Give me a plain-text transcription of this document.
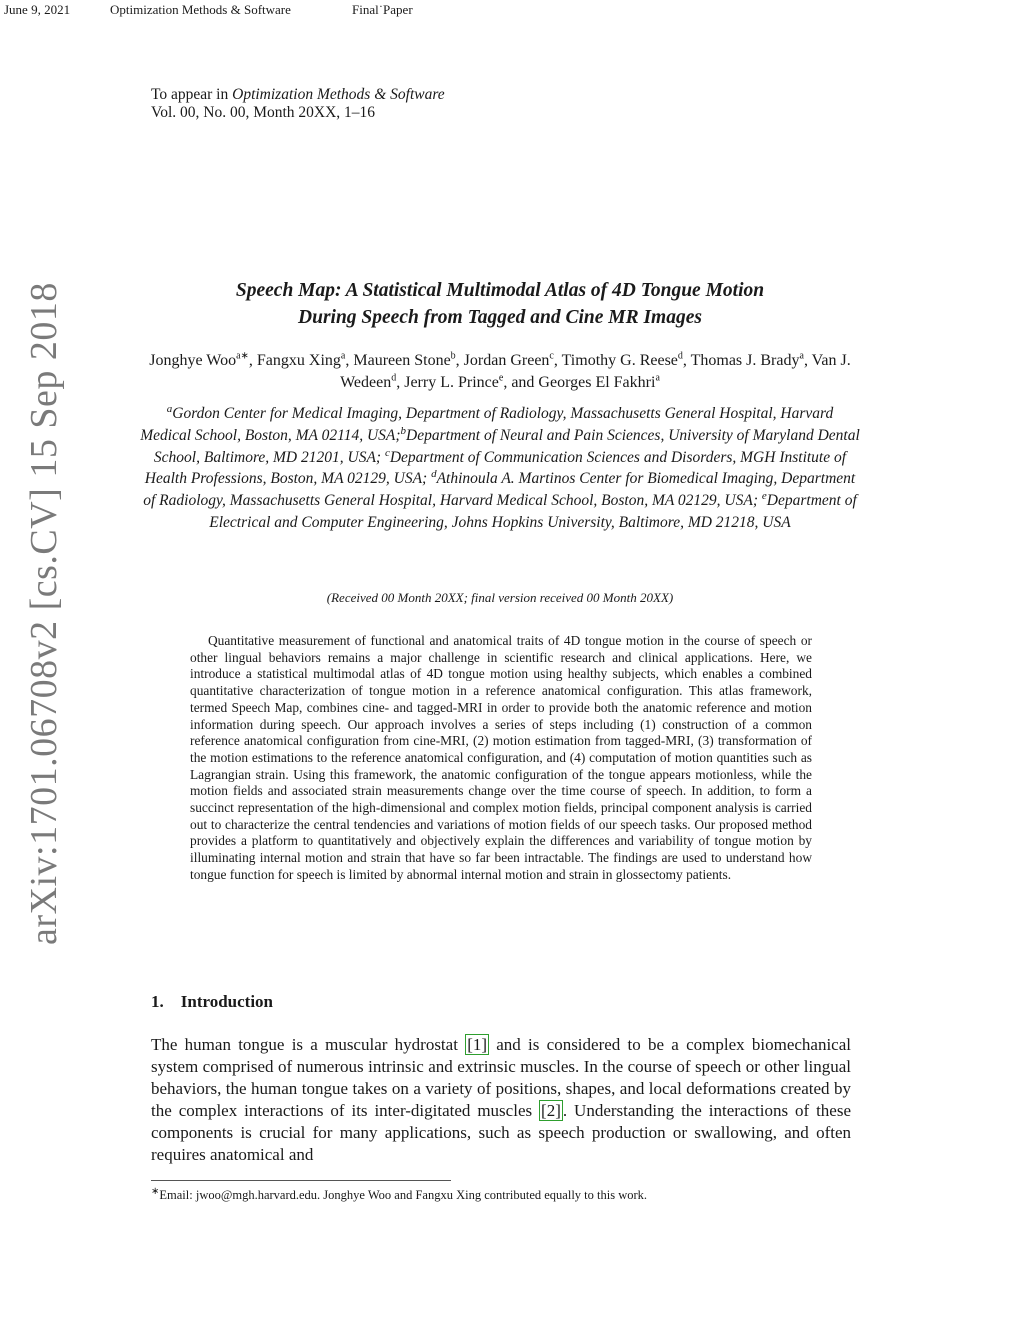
June 9, 2021	Optimization Methods & Software	Final˙Paper
To appear in Optimization Methods & Software
Vol. 00, No. 00, Month 20XX, 1–16
arXiv:1701.06708v2 [cs.CV] 15 Sep 2018	Speech Map: A Statistical Multimodal Atlas of 4D Tongue Motion
During Speech from Tagged and Cine MR Images
Jonghye Woo$^{a∗}$, Fangxu Xing$^a$, Maureen Stone$^b$, Jordan Green$^c$, Timothy G. Reese$^d$, Thomas J. Brady$^a$, Van J. Wedeen$^d$, Jerry L. Prince$^e$, and Georges El Fakhri$^a$
$^a$Gordon Center for Medical Imaging, Department of Radiology, Massachusetts General Hospital, Harvard Medical School, Boston, MA 02114, USA;$^b$Department of Neural and Pain Sciences, University of Maryland Dental School, Baltimore, MD 21201, USA; $^c$Department of Communication Sciences and Disorders, MGH Institute of Health Professions, Boston, MA 02129, USA; $^d$Athinoula A. Martinos Center for Biomedical Imaging, Department of Radiology, Massachusetts General Hospital, Harvard Medical School, Boston, MA 02129, USA; $^e$Department of Electrical and Computer Engineering, Johns Hopkins University, Baltimore, MD 21218, USA
(Received 00 Month 20XX; final version received 00 Month 20XX)

Quantitative measurement of functional and anatomical traits of 4D tongue motion in the course of speech or other lingual behaviors remains a major challenge in scientific research and clinical applications. Here, we introduce a statistical multimodal atlas of 4D tongue motion using healthy subjects, which enables a combined quantitative characterization of tongue motion in a reference anatomical configuration. This atlas framework, termed Speech Map, combines cine- and tagged-MRI in order to provide both the anatomic reference and motion information during speech. Our approach involves a series of steps including (1) construction of a common reference anatomical configuration from cine-MRI, (2) motion estimation from tagged-MRI, (3) transformation of the motion estimations to the reference anatomical configuration, and (4) computation of motion quantities such as Lagrangian strain. Using this framework, the anatomic configuration of the tongue appears motionless, while the motion fields and associated strain measurements change over the time course of speech. In addition, to form a succinct representation of the high-dimensional and complex motion fields, principal component analysis is carried out to characterize the central tendencies and variations of motion fields of our speech tasks. Our proposed method provides a platform to quantitatively and objectively explain the differences and variability of tongue motion by illuminating internal motion and strain that have so far been intractable. The findings are used to understand how tongue function for speech is limited by abnormal internal motion and strain in glossectomy patients.

1. Introduction
The human tongue is a muscular hydrostat [1] and is considered to be a complex biomechanical system comprised of numerous intrinsic and extrinsic muscles. In the course of speech or other lingual behaviors, the human tongue takes on a variety of positions, shapes, and local deformations created by the complex interactions of its inter-digitated muscles [2] . Understanding the interactions of these components is crucial for many applications, such as speech production or swallowing, and often requires anatomical and
∗Email: jwoo@mgh.harvard.edu. Jonghye Woo and Fangxu Xing contributed equally to this work.
